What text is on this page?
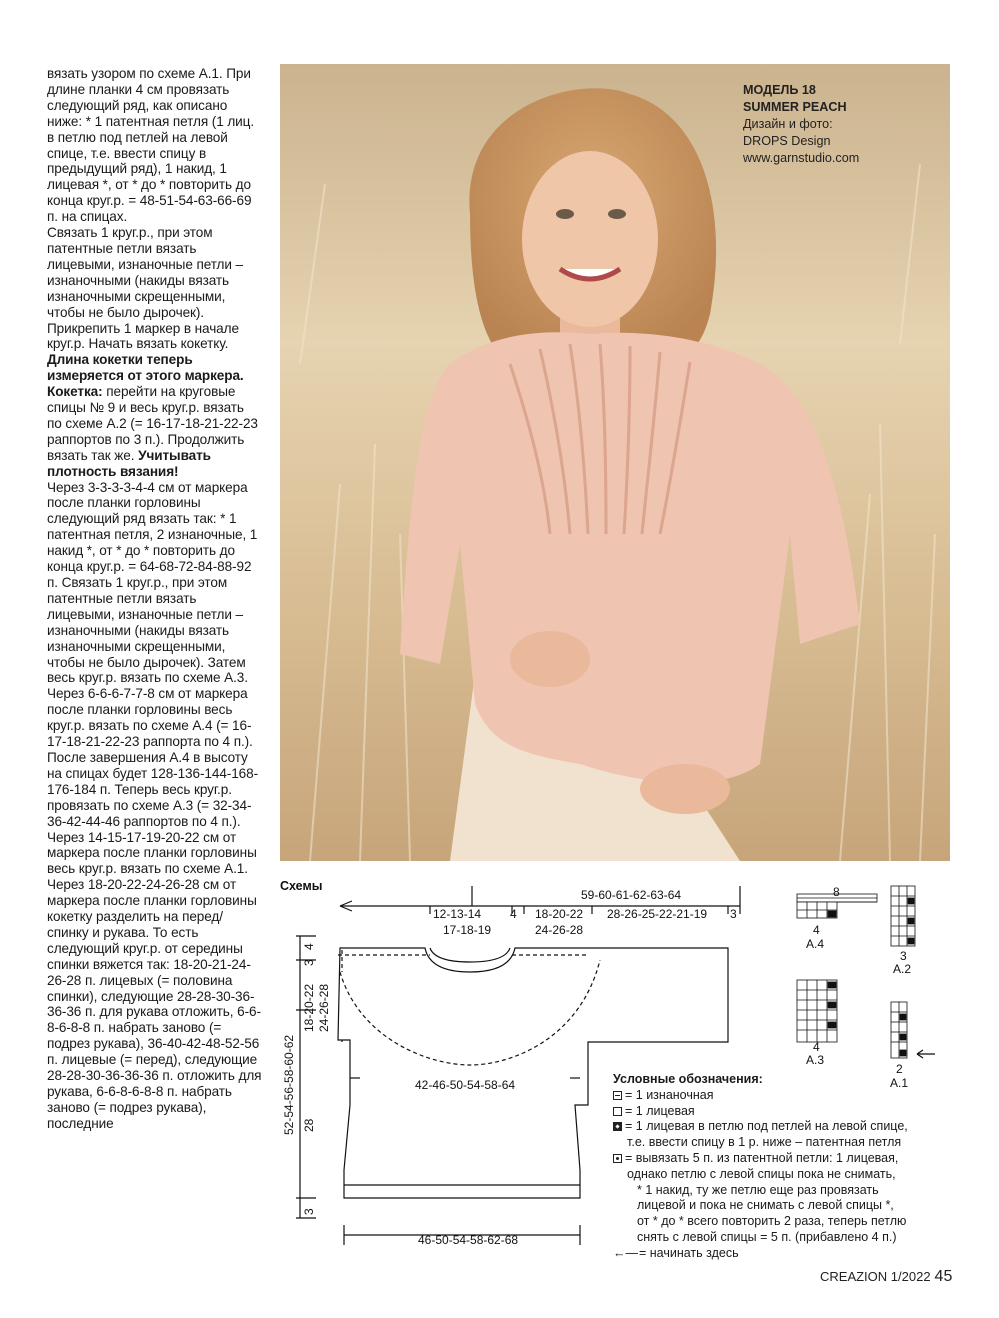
вязать узором по схеме А.1. При длине планки 4 см провязать следующий ряд, как описано ниже: * 1 патентная петля (1 лиц. в петлю под петлей на левой спице, т.е. ввести спицу в предыдущий ряд), 1 накид, 1 лицевая *, от * до * повторить до конца круг.р. = 48-51-54-63-66-69 п. на спицах.

Связать 1 круг.р., при этом патентные петли вязать лицевыми, изнаночные петли – изнаночными (накиды вязать изнаночными скрещенными, чтобы не было дырочек). Прикрепить 1 маркер в начале круг.р. Начать вязать кокетку. Длина кокетки теперь измеряется от этого маркера.

Кокетка: перейти на круговые спицы № 9 и весь круг.р. вязать по схеме А.2 (= 16-17-18-21-22-23 раппортов по 3 п.). Продолжить вязать так же. Учитывать плотность вязания!

Через 3-3-3-3-4-4 см от маркера после планки горловины следующий ряд вязать так: * 1 патентная петля, 2 изнаночные, 1 накид *, от * до * повторить до конца круг.р. = 64-68-72-84-88-92 п. Связать 1 круг.р., при этом патентные петли вязать лицевыми, изнаночные петли – изнаночными (накиды вязать изнаночными скрещенными, чтобы не было дырочек). Затем весь круг.р. вязать по схеме А.3.

Через 6-6-6-7-7-8 см от маркера после планки горловины весь круг.р. вязать по схеме А.4 (= 16-17-18-21-22-23 раппорта по 4 п.). После завершения А.4 в высоту на спицах будет 128-136-144-168-176-184 п. Теперь весь круг.р. провязать по схеме А.3 (= 32-34-36-42-44-46 раппортов по 4 п.).

Через 14-15-17-19-20-22 см от маркера после планки горловины весь круг.р. вязать по схеме А.1.

Через 18-20-22-24-26-28 см от маркера после планки горловины кокетку разделить на перед/спинку и рукава. То есть следующий круг.р. от середины спинки вяжется так: 18-20-21-24-26-28 п. лицевых (= половина спинки), следующие 28-28-30-36-36-36 п. для рукава отложить, 6-6-8-6-8-8 п. набрать заново (= подрез рукава), 36-40-42-48-52-56 п. лицевые (= перед), следующие 28-28-30-36-36-36 п. отложить для рукава, 6-6-8-6-8-8 п. набрать заново (= подрез рукава), последние

МОДЕЛЬ 18
SUMMER PEACH
Дизайн и фото:
DROPS Design
www.garnstudio.com
Схемы
59-60-61-62-63-64
12-13-14
17-18-19
4 18-20-22
24-26-28
28-26-25-22-21-19 3
4
3
18-20-22 24-26-28
52-54-56-58-60-62 28
3
42-46-50-54-58-64
46-50-54-58-62-68
8
4
A.4
3
A.2
4
A.3
2
A.1
Условные обозначения:
= 1 изнаночная
= 1 лицевая
= 1 лицевая в петлю под петлей на левой спице,
т.е. ввести спицу в 1 р. ниже – патентная петля
= вывязать 5 п. из патентной петли: 1 лицевая,
однако петлю с левой спицы пока не снимать,
* 1 накид, ту же петлю еще раз провязать
лицевой и пока не снимать с левой спицы *,
от * до * всего повторить 2 раза, теперь петлю
снять с левой спицы = 5 п. (прибавлено 4 п.)
←—= начинать здесь
CREAZION 1/2022 45
